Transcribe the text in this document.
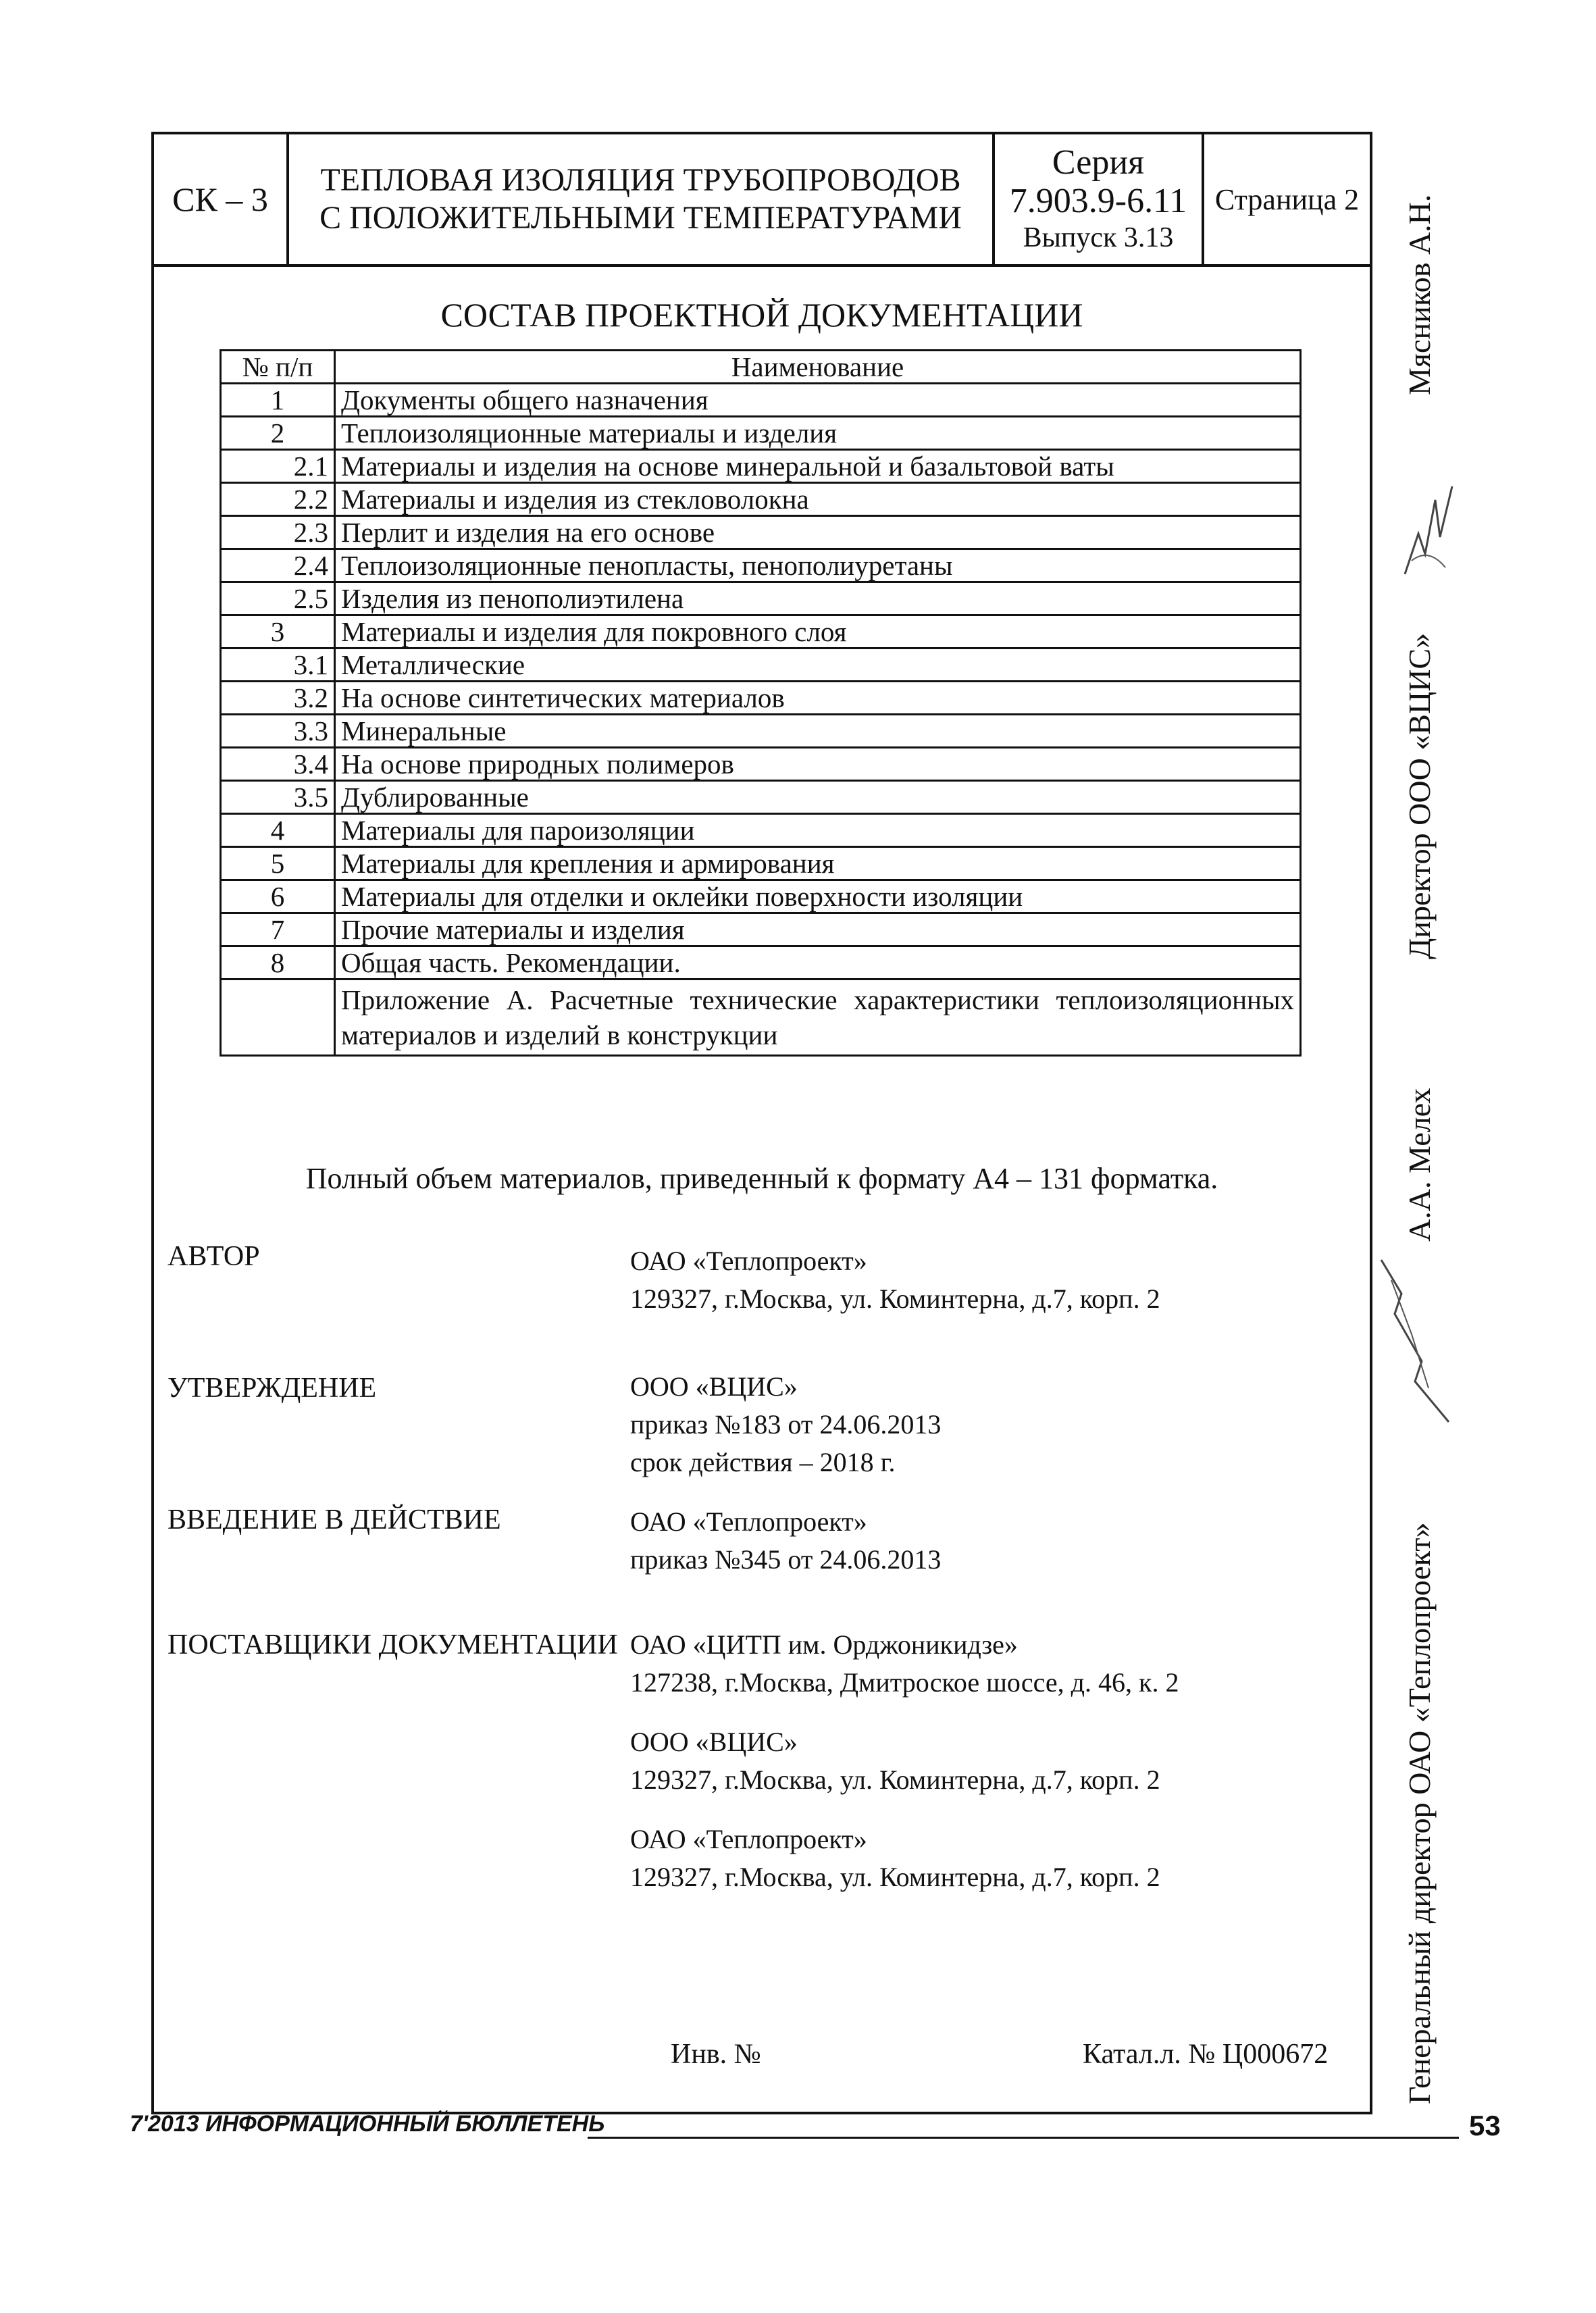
СК – 3
ТЕПЛОВАЯ ИЗОЛЯЦИЯ ТРУБОПРОВОДОВ
С ПОЛОЖИТЕЛЬНЫМИ ТЕМПЕРАТУРАМИ
Серия
7.903.9-6.11
Выпуск 3.13
Страница 2
СОСТАВ ПРОЕКТНОЙ ДОКУМЕНТАЦИИ
№ п/п	Наименование
1	Документы общего назначения
2	Теплоизоляционные материалы и изделия
2.1	Материалы и изделия на основе минеральной и базальтовой ваты
2.2	Материалы и изделия из стекловолокна
2.3	Перлит и изделия на его основе
2.4	Теплоизоляционные пенопласты, пенополиуретаны
2.5	Изделия из пенополиэтилена
3	Материалы и изделия для покровного слоя
3.1	Металлические
3.2	На основе синтетических материалов
3.3	Минеральные
3.4	На основе природных полимеров
3.5	Дублированные
4	Материалы для пароизоляции
5	Материалы для крепления и армирования
6	Материалы для отделки и оклейки поверхности изоляции
7	Прочие материалы и изделия
8	Общая часть. Рекомендации.
	Приложение А. Расчетные технические характеристики теплоизоляционных материалов и изделий в конструкции
Полный объем материалов, приведенный к формату А4 – 131 форматка.
АВТОР	ОАО «Теплопроект»
129327, г.Москва, ул. Коминтерна, д.7, корп. 2
УТВЕРЖДЕНИЕ	ООО «ВЦИС»
приказ №183 от 24.06.2013
срок действия – 2018 г.
ВВЕДЕНИЕ В ДЕЙСТВИЕ	ОАО «Теплопроект»
приказ №345 от 24.06.2013
ПОСТАВЩИКИ ДОКУМЕНТАЦИИ ОАО «ЦИТП им. Орджоникидзе»
127238, г.Москва, Дмитроское шоссе, д. 46, к. 2
ООО «ВЦИС»
129327, г.Москва, ул. Коминтерна, д.7, корп. 2
ОАО «Теплопроект»
129327, г.Москва, ул. Коминтерна, д.7, корп. 2
Инв. №	Катал.л. № Ц000672
Мясников А.Н.
Директор ООО «ВЦИС»
А.А. Мелех
Генеральный директор ОАО «Теплопроект»
7'2013 ИНФОРМАЦИОННЫЙ БЮЛЛЕТЕНЬ	53
